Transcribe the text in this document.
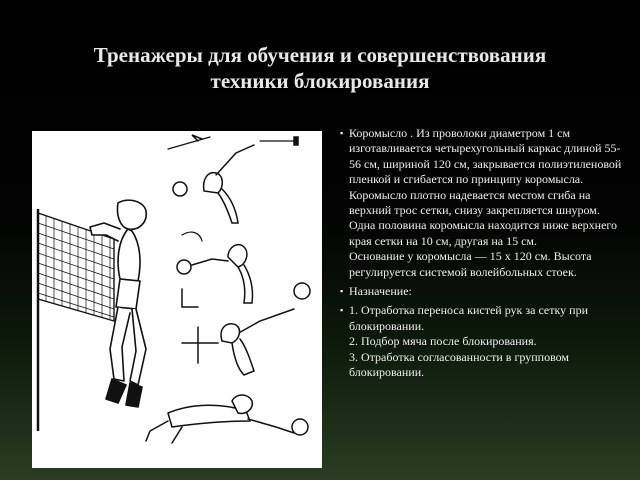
Тренажеры для обучения и совершенствования
техники блокирования
▪ Коромысло . Из проволоки диаметром 1 см изготавливается четырехугольный каркас длиной 55-56 см, шириной 120 см, закрывается полиэтиленовой пленкой и сгибается по принципу коромысла. Коромысло плотно надевается местом сгиба на верхний трос сетки, снизу закрепляется шнуром. Одна половина коромысла находится ниже верхнего края сетки на 10 см, другая на 15 см.

Основание у коромысла — 15 х 120 см. Высота регулируется системой волейбольных стоек.

▪ Назначение:

▪ 1. Отработка переноса кистей рук за сетку при блокировании.

2. Подбор мяча после блокирования.

3. Отработка согласованности в групповом блокировании.
